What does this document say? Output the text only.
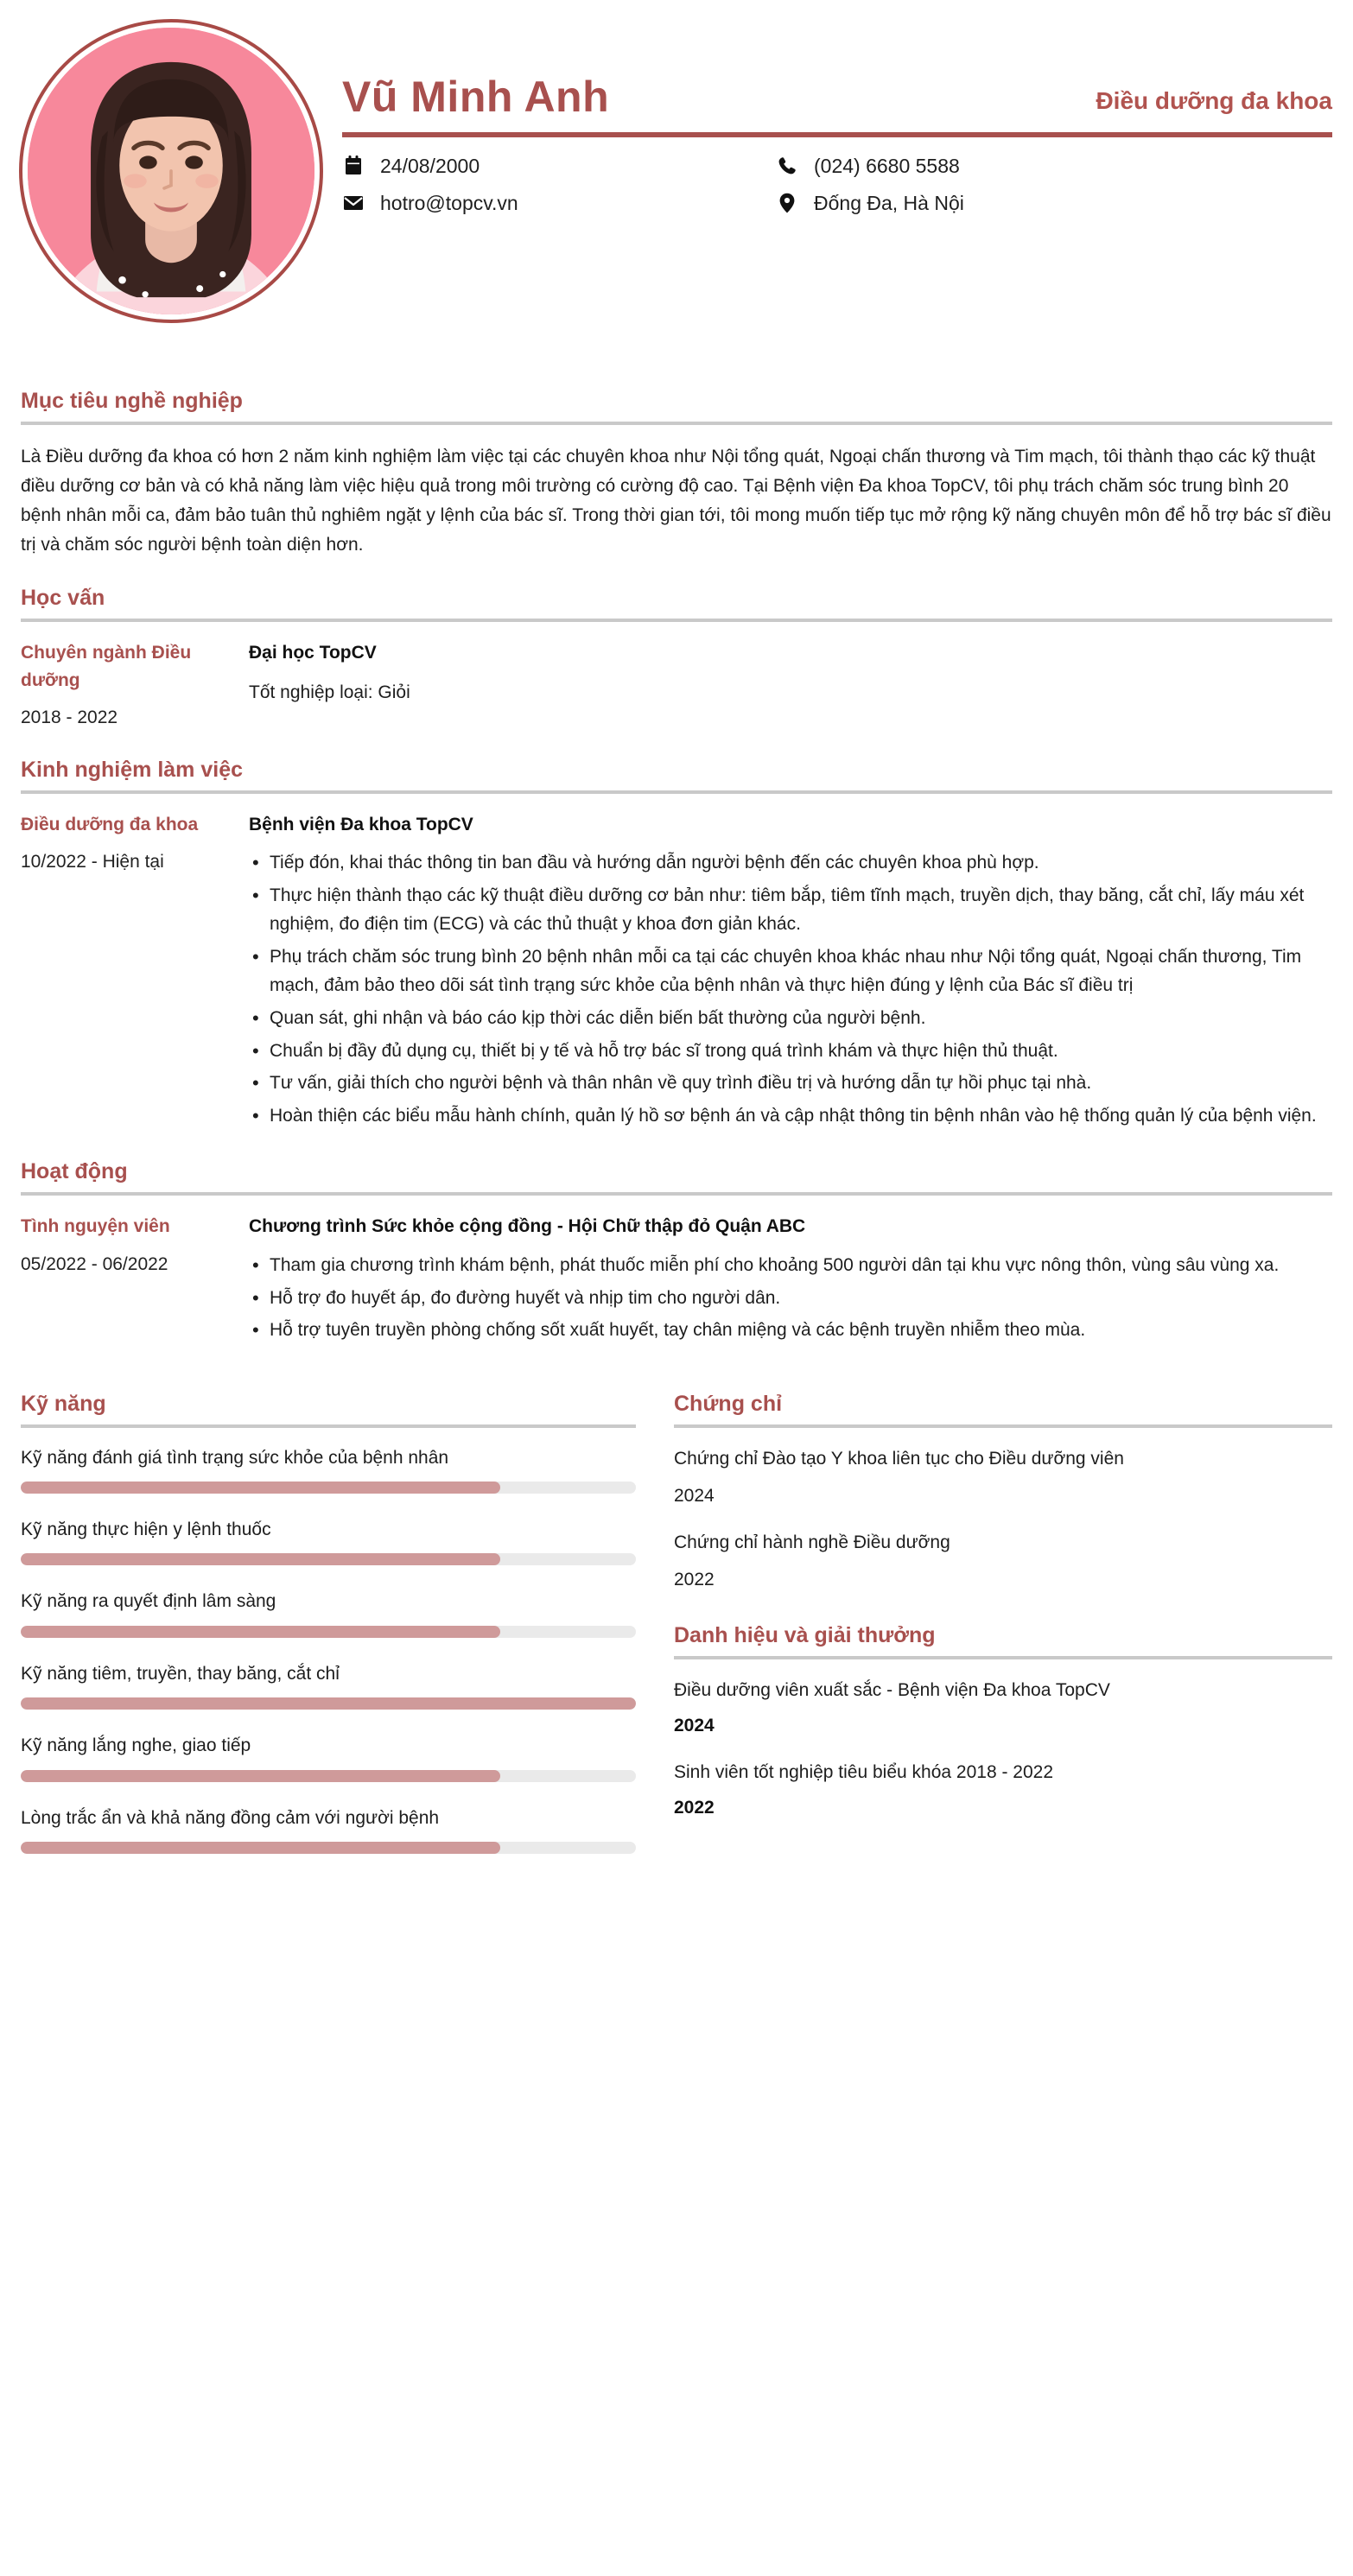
Vũ Minh Anh	Điều dưỡng đa khoa
24/08/2000
hotro@topcv.vn
(024) 6680 5588
Đống Đa, Hà Nội
Mục tiêu nghề nghiệp
Là Điều dưỡng đa khoa có hơn 2 năm kinh nghiệm làm việc tại các chuyên khoa như Nội tổng quát, Ngoại chấn thương và Tim mạch, tôi thành thạo các kỹ thuật điều dưỡng cơ bản và có khả năng làm việc hiệu quả trong môi trường có cường độ cao. Tại Bệnh viện Đa khoa TopCV, tôi phụ trách chăm sóc trung bình 20 bệnh nhân mỗi ca, đảm bảo tuân thủ nghiêm ngặt y lệnh của bác sĩ. Trong thời gian tới, tôi mong muốn tiếp tục mở rộng kỹ năng chuyên môn để hỗ trợ bác sĩ điều trị và chăm sóc người bệnh toàn diện hơn.
Học vấn
Chuyên ngành Điều dưỡng
2018 - 2022
Đại học TopCV
Tốt nghiệp loại: Giỏi
Kinh nghiệm làm việc
Điều dưỡng đa khoa
10/2022 - Hiện tại
Bệnh viện Đa khoa TopCV
• Tiếp đón, khai thác thông tin ban đầu và hướng dẫn người bệnh đến các chuyên khoa phù hợp.
• Thực hiện thành thạo các kỹ thuật điều dưỡng cơ bản như: tiêm bắp, tiêm tĩnh mạch, truyền dịch, thay băng, cắt chỉ, lấy máu xét nghiệm, đo điện tim (ECG) và các thủ thuật y khoa đơn giản khác.
• Phụ trách chăm sóc trung bình 20 bệnh nhân mỗi ca tại các chuyên khoa khác nhau như Nội tổng quát, Ngoại chấn thương, Tim mạch, đảm bảo theo dõi sát tình trạng sức khỏe của bệnh nhân và thực hiện đúng y lệnh của Bác sĩ điều trị
• Quan sát, ghi nhận và báo cáo kịp thời các diễn biến bất thường của người bệnh.
• Chuẩn bị đầy đủ dụng cụ, thiết bị y tế và hỗ trợ bác sĩ trong quá trình khám và thực hiện thủ thuật.
• Tư vấn, giải thích cho người bệnh và thân nhân về quy trình điều trị và hướng dẫn tự hồi phục tại nhà.
• Hoàn thiện các biểu mẫu hành chính, quản lý hồ sơ bệnh án và cập nhật thông tin bệnh nhân vào hệ thống quản lý của bệnh viện.
Hoạt động
Tình nguyện viên
05/2022 - 06/2022
Chương trình Sức khỏe cộng đồng - Hội Chữ thập đỏ Quận ABC
• Tham gia chương trình khám bệnh, phát thuốc miễn phí cho khoảng 500 người dân tại khu vực nông thôn, vùng sâu vùng xa.
• Hỗ trợ đo huyết áp, đo đường huyết và nhịp tim cho người dân.
• Hỗ trợ tuyên truyền phòng chống sốt xuất huyết, tay chân miệng và các bệnh truyền nhiễm theo mùa.
Kỹ năng
Kỹ năng đánh giá tình trạng sức khỏe của bệnh nhân
Kỹ năng thực hiện y lệnh thuốc
Kỹ năng ra quyết định lâm sàng
Kỹ năng tiêm, truyền, thay băng, cắt chỉ
Kỹ năng lắng nghe, giao tiếp
Lòng trắc ẩn và khả năng đồng cảm với người bệnh
Chứng chỉ
Chứng chỉ Đào tạo Y khoa liên tục cho Điều dưỡng viên
2024
Chứng chỉ hành nghề Điều dưỡng
2022
Danh hiệu và giải thưởng
Điều dưỡng viên xuất sắc - Bệnh viện Đa khoa TopCV
2024
Sinh viên tốt nghiệp tiêu biểu khóa 2018 - 2022
2022
